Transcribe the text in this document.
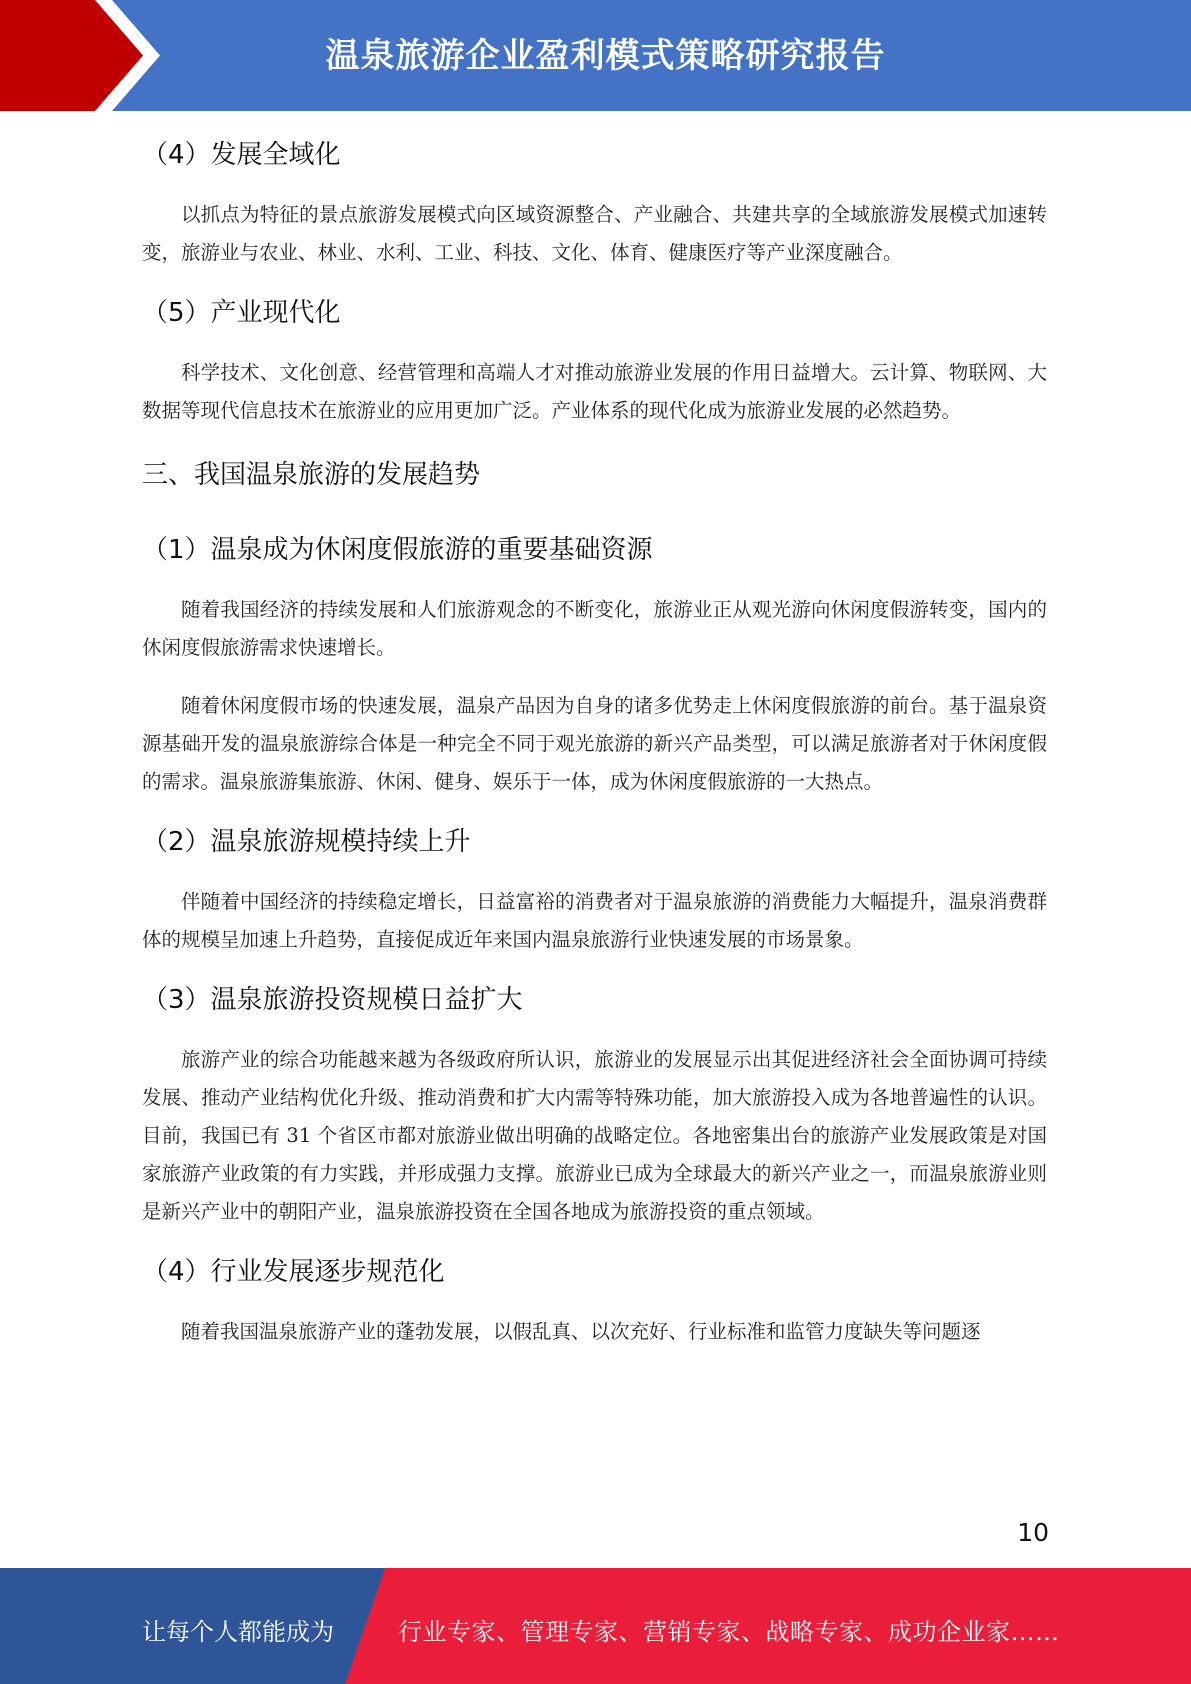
温泉旅游企业盈利模式策略研究报告
（4）发展全域化

以抓点为特征的景点旅游发展模式向区域资源整合、产业融合、共建共享的全域旅游发展模式加速转变，旅游业与农业、林业、水利、工业、科技、文化、体育、健康医疗等产业深度融合。

（5）产业现代化

科学技术、文化创意、经营管理和高端人才对推动旅游业发展的作用日益增大。云计算、物联网、大数据等现代信息技术在旅游业的应用更加广泛。产业体系的现代化成为旅游业发展的必然趋势。

三、我国温泉旅游的发展趋势
（1）温泉成为休闲度假旅游的重要基础资源

随着我国经济的持续发展和人们旅游观念的不断变化，旅游业正从观光游向休闲度假游转变，国内的休闲度假旅游需求快速增长。

随着休闲度假市场的快速发展，温泉产品因为自身的诸多优势走上休闲度假旅游的前台。基于温泉资源基础开发的温泉旅游综合体是一种完全不同于观光旅游的新兴产品类型，可以满足旅游者对于休闲度假的需求。温泉旅游集旅游、休闲、健身、娱乐于一体，成为休闲度假旅游的一大热点。

（2）温泉旅游规模持续上升

伴随着中国经济的持续稳定增长，日益富裕的消费者对于温泉旅游的消费能力大幅提升，温泉消费群体的规模呈加速上升趋势，直接促成近年来国内温泉旅游行业快速发展的市场景象。

（3）温泉旅游投资规模日益扩大

旅游产业的综合功能越来越为各级政府所认识，旅游业的发展显示出其促进经济社会全面协调可持续发展、推动产业结构优化升级、推动消费和扩大内需等特殊功能，加大旅游投入成为各地普遍性的认识。目前，我国已有 31 个省区市都对旅游业做出明确的战略定位。各地密集出台的旅游产业发展政策是对国家旅游产业政策的有力实践，并形成强力支撑。旅游业已成为全球最大的新兴产业之一，而温泉旅游业则是新兴产业中的朝阳产业，温泉旅游投资在全国各地成为旅游投资的重点领域。

（4）行业发展逐步规范化

随着我国温泉旅游产业的蓬勃发展，以假乱真、以次充好、行业标准和监管力度缺失等问题逐

10
让每个人都能成为	行业专家、管理专家、营销专家、战略专家、成功企业家……
